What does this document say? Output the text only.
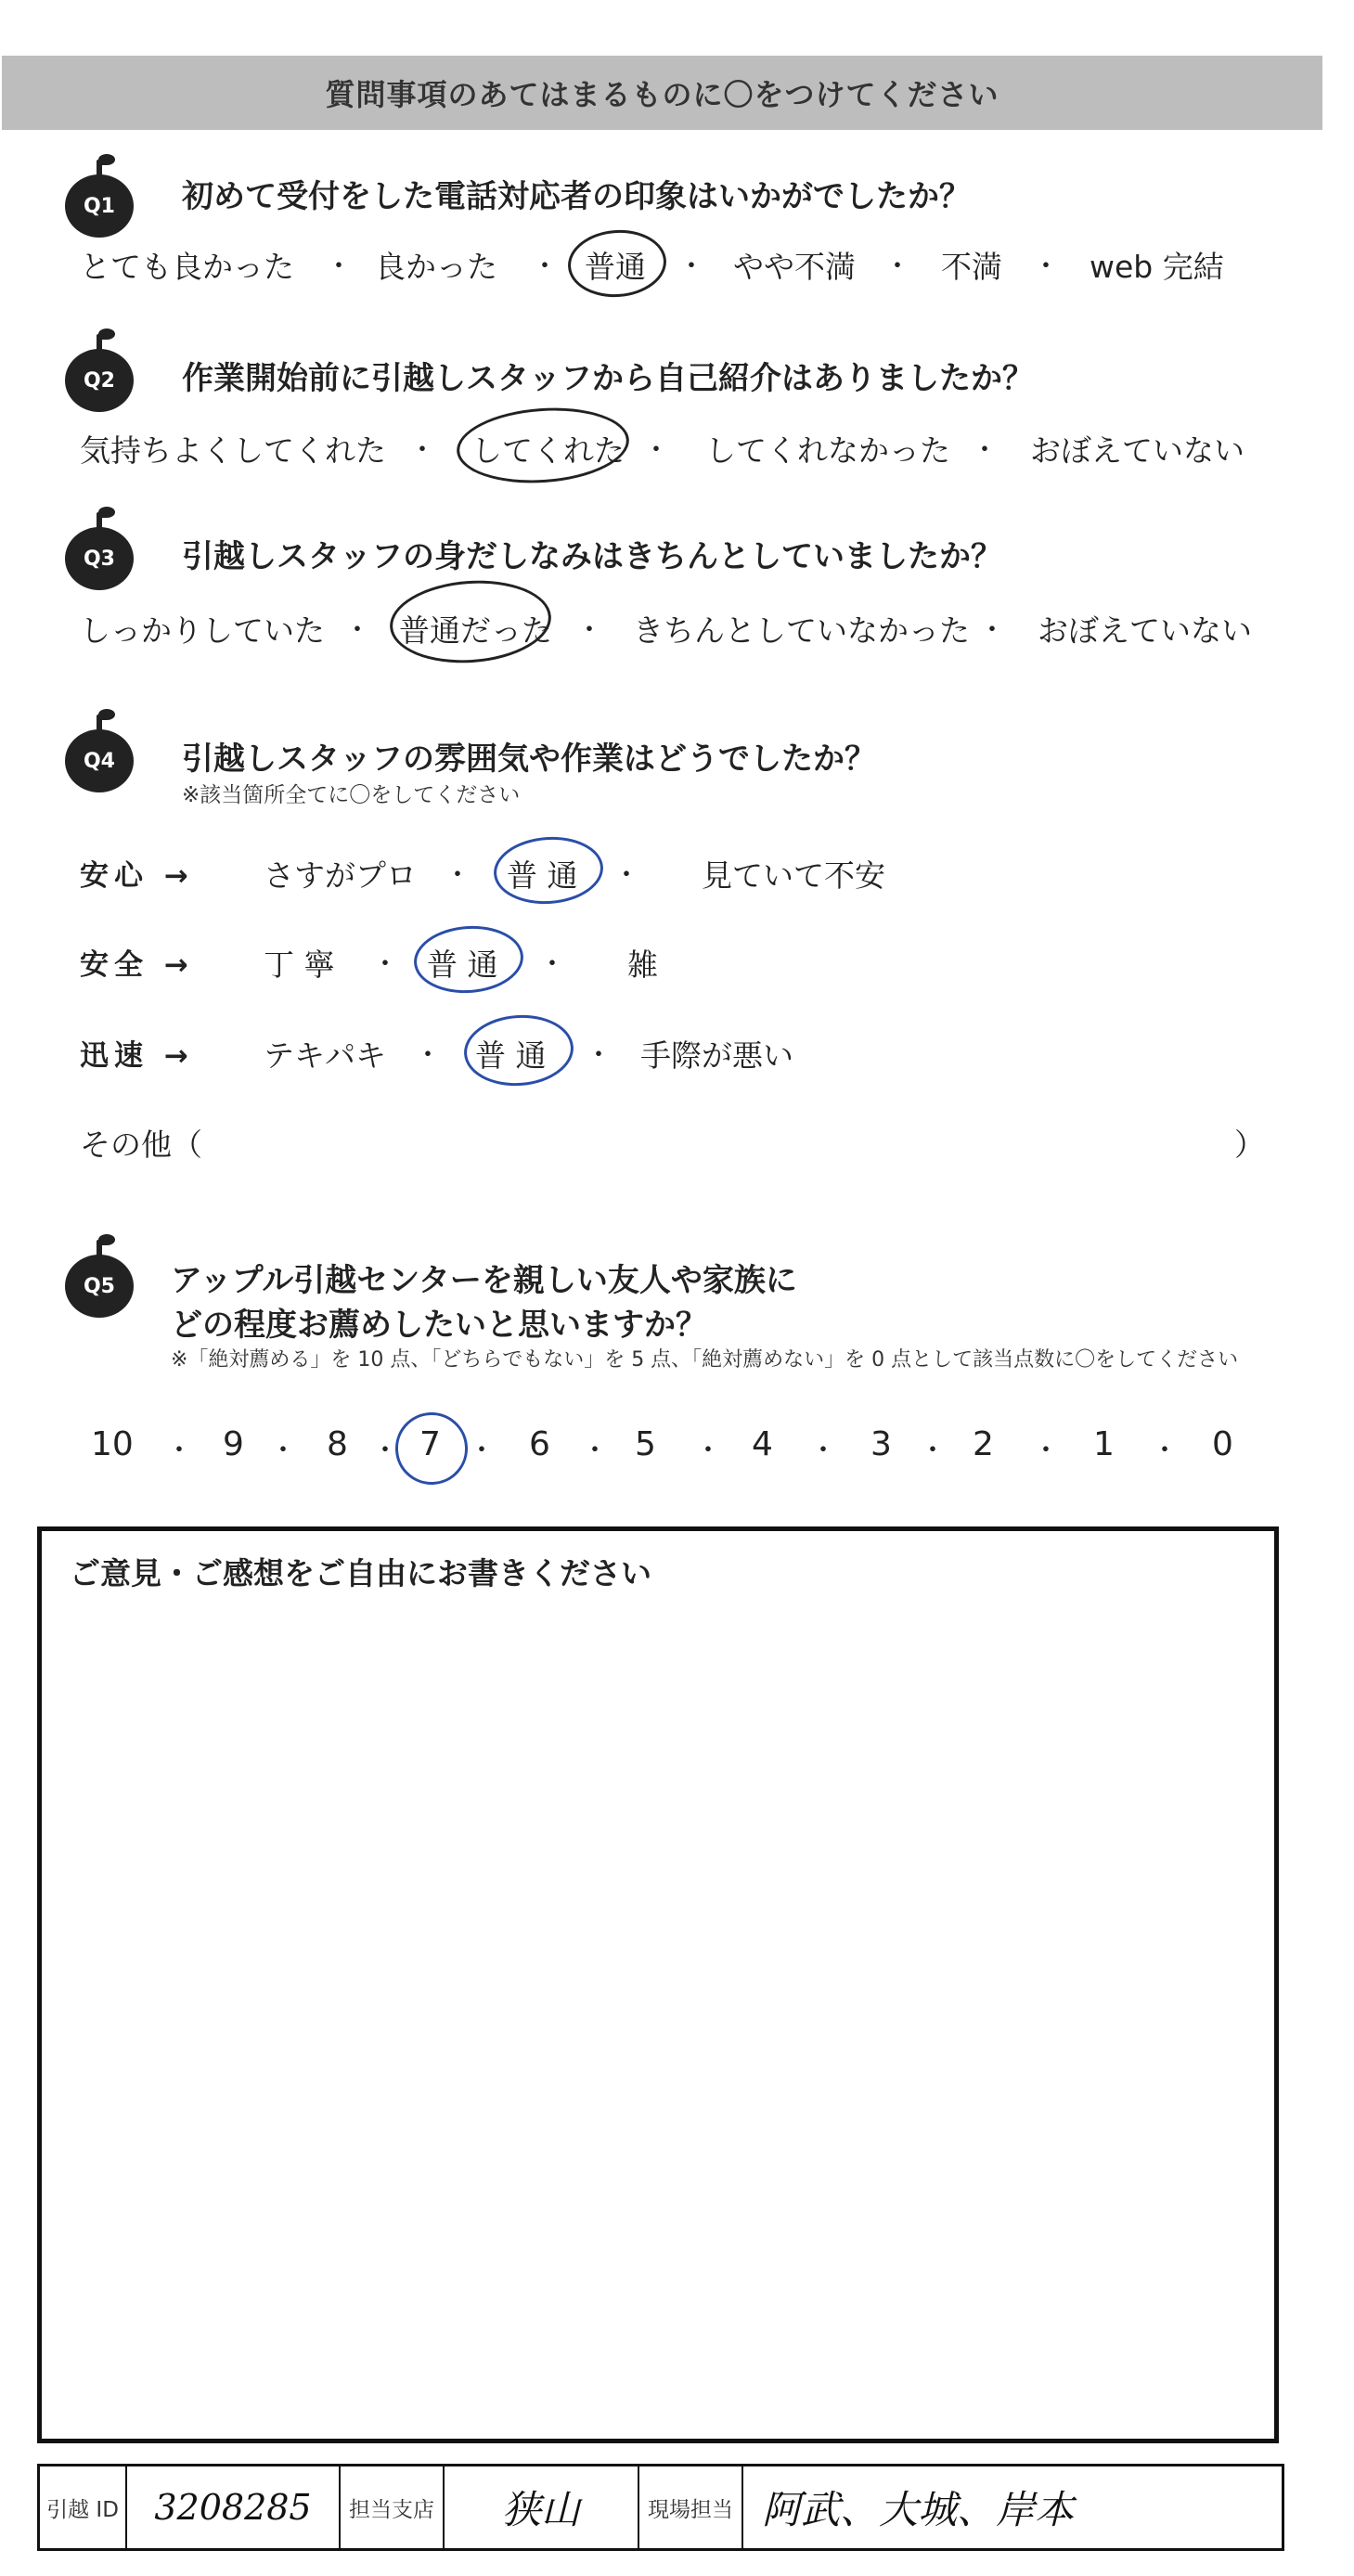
質問事項のあてはまるものに〇をつけてください
Q1	初めて受付をした電話対応者の印象はいかがでしたか？
とても良かった ・ 良かった ・ 普通 ・ やや不満 ・ 不満 ・ web 完結
Q2	作業開始前に引越しスタッフから自己紹介はありましたか？
気持ちよくしてくれた ・ してくれた ・ してくれなかった ・ おぼえていない
Q3	引越しスタッフの身だしなみはきちんとしていましたか？
しっかりしていた ・ 普通だった ・ きちんとしていなかった ・ おぼえていない
Q4	引越しスタッフの雰囲気や作業はどうでしたか？
※該当箇所全てに〇をしてください
安心 → さすがプロ ・ 普 通 ・ 見ていて不安
安全 → 丁 寧 ・ 普 通 ・ 雑
迅速 → テキパキ ・ 普 通 ・ 手際が悪い
その他（	）
Q5	アップル引越センターを親しい友人や家族に
どの程度お薦めしたいと思いますか？
※「絶対薦める」を 10 点、「どちらでもない」を 5 点、「絶対薦めない」を 0 点として該当点数に〇をしてください
10 ・ 9 ・ 8 ・ 7 ・ 6 ・ 5 ・ 4 ・ 3 ・ 2 ・ 1 ・ 0
ご意見・ご感想をご自由にお書きください
引越 ID	3208285	担当支店	狭山	現場担当 阿武、大城、岸本
